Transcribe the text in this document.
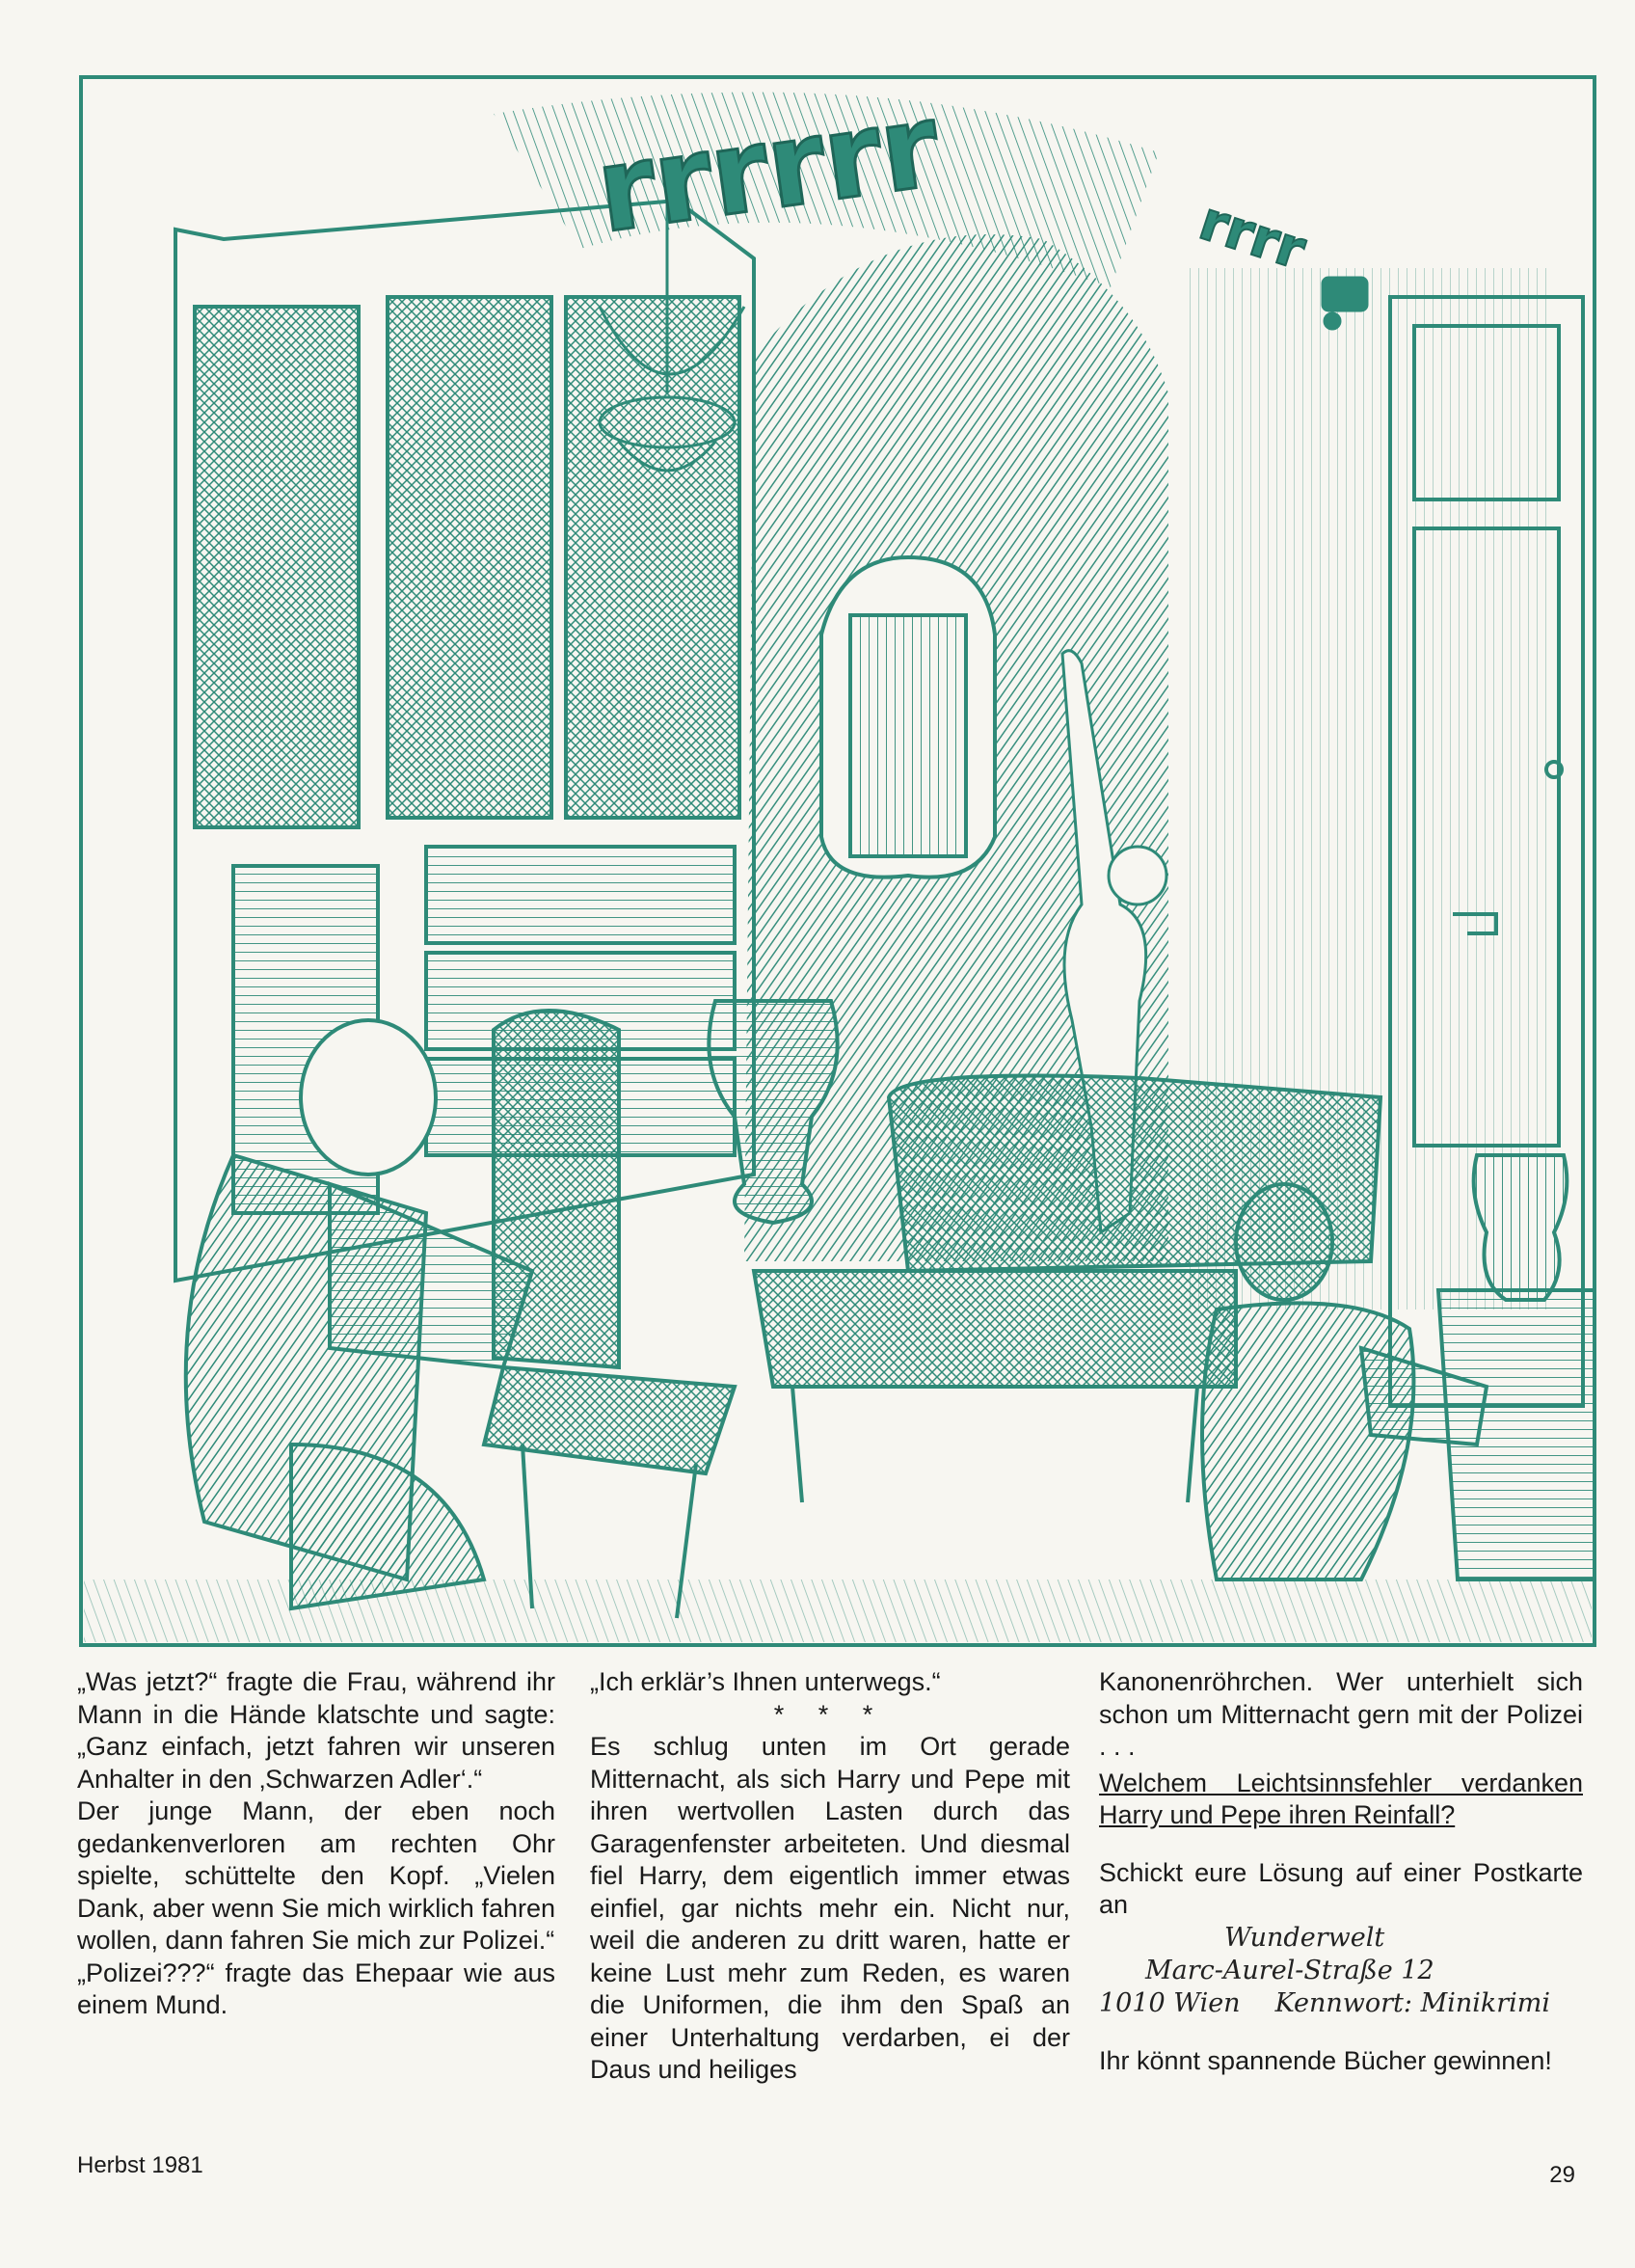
rrrrrr	rrrr

„Was jetzt?“ fragte die Frau, während ihr Mann in die Hände klatschte und sagte: „Ganz einfach, jetzt fahren wir unseren Anhalter in den ‚Schwarzen Adler‘.“

Der junge Mann, der eben noch gedankenverloren am rechten Ohr spielte, schüttelte den Kopf. „Vielen Dank, aber wenn Sie mich wirklich fahren wollen, dann fahren Sie mich zur Polizei.“

„Polizei???“ fragte das Ehepaar wie aus einem Mund.

„Ich erklär’s Ihnen unterwegs.“

* * *

Es schlug unten im Ort gerade Mitternacht, als sich Harry und Pepe mit ihren wertvollen Lasten durch das Garagenfenster arbeiteten. Und diesmal fiel Harry, dem eigentlich immer etwas einfiel, gar nichts mehr ein. Nicht nur, weil die anderen zu dritt waren, hatte er keine Lust mehr zum Reden, es waren die Uniformen, die ihm den Spaß an einer Unterhaltung verdarben, ei der Daus und heiliges

Kanonenröhrchen. Wer unterhielt sich schon um Mitternacht gern mit der Polizei . . .

Welchem Leichtsinnsfehler verdanken Harry und Pepe ihren Reinfall?

Schickt eure Lösung auf einer Postkarte an

Wunderwelt
Marc-Aurel-Straße 12
1010 Wien Kennwort: Minikrimi

Ihr könnt spannende Bücher gewinnen!

Herbst 1981	29
